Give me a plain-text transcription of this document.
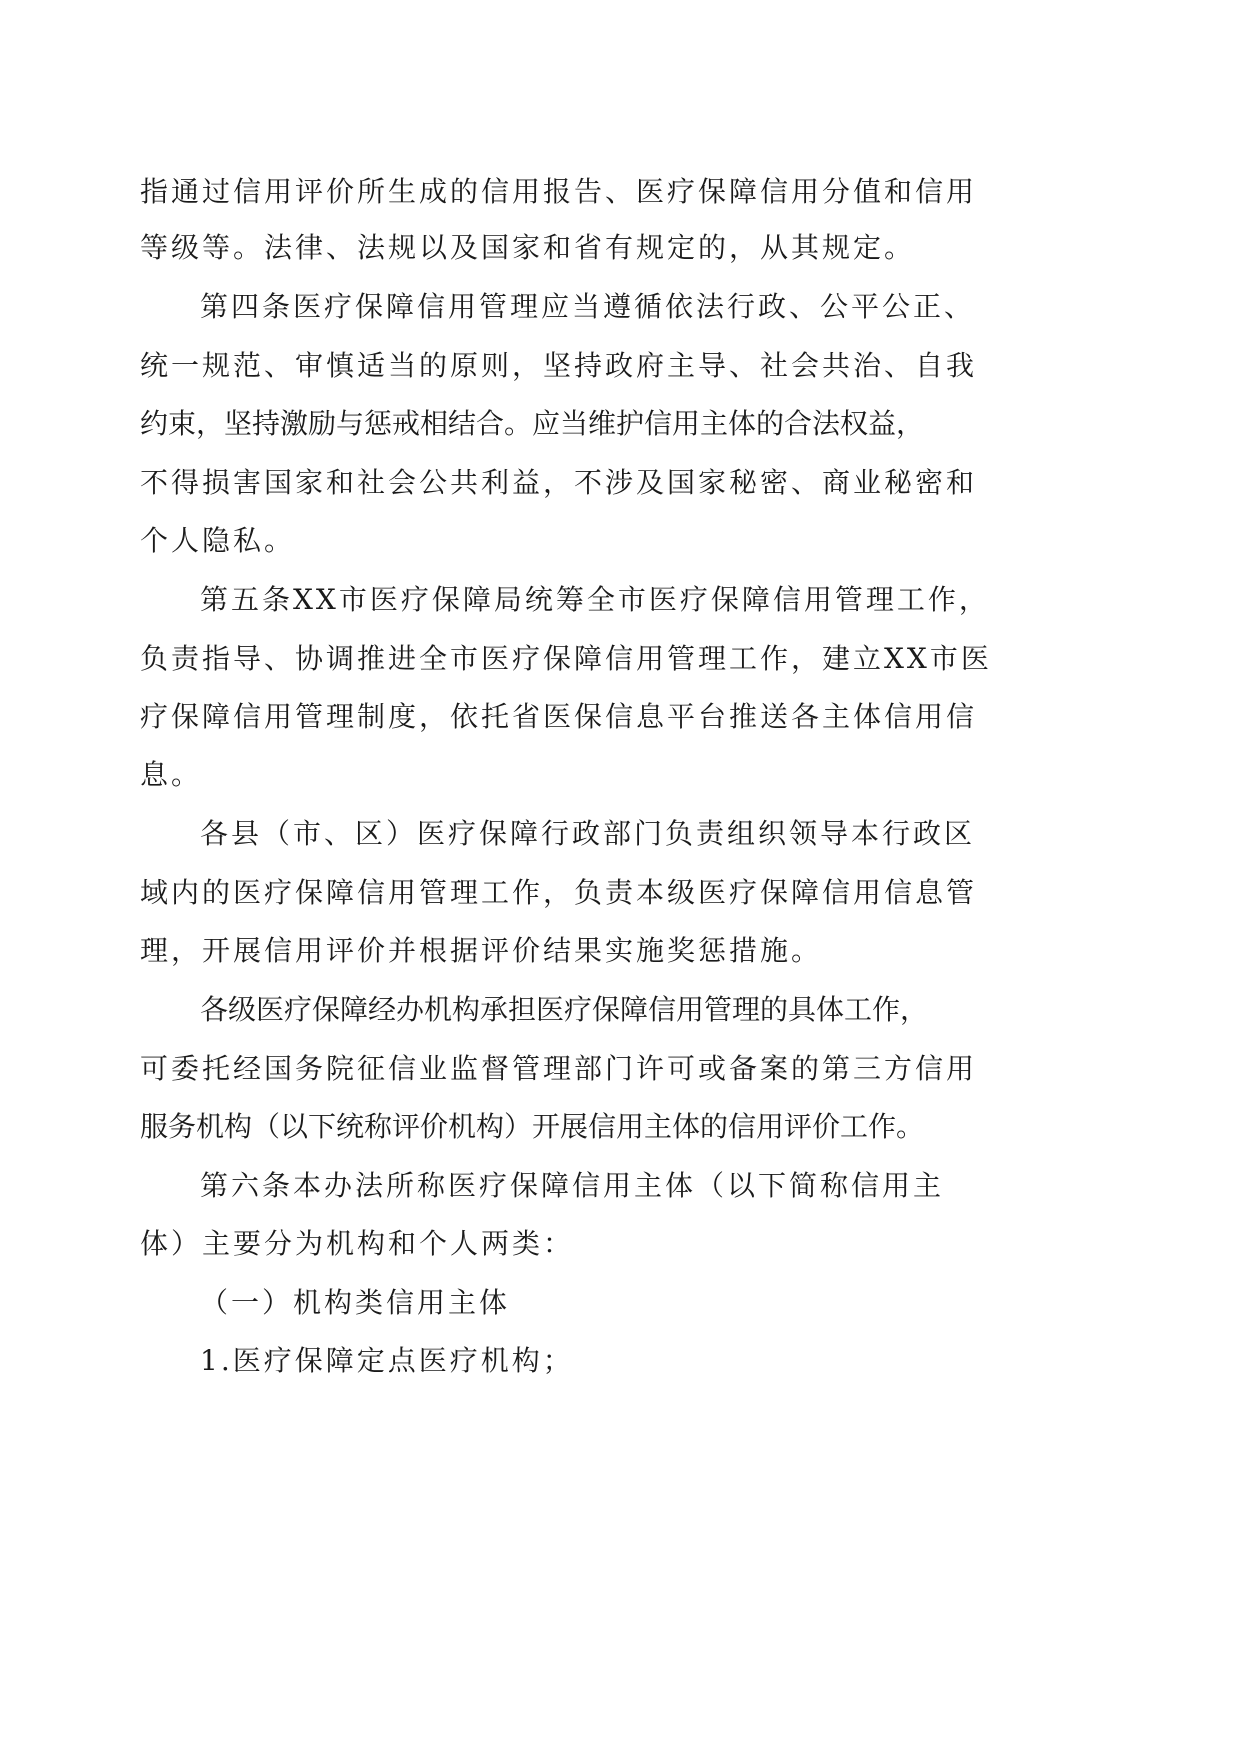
指通过信用评价所生成的信用报告、医疗保障信用分值和信用
等级等。法律、法规以及国家和省有规定的，从其规定。
第四条医疗保障信用管理应当遵循依法行政、公平公正、
统一规范、审慎适当的原则，坚持政府主导、社会共治、自我
约束，坚持激励与惩戒相结合。应当维护信用主体的合法权益，
不得损害国家和社会公共利益，不涉及国家秘密、商业秘密和
个人隐私。
第五条XX市医疗保障局统筹全市医疗保障信用管理工作，
负责指导、协调推进全市医疗保障信用管理工作，建立XX市医
疗保障信用管理制度，依托省医保信息平台推送各主体信用信
息。
各县（市、区）医疗保障行政部门负责组织领导本行政区
域内的医疗保障信用管理工作，负责本级医疗保障信用信息管
理，开展信用评价并根据评价结果实施奖惩措施。
各级医疗保障经办机构承担医疗保障信用管理的具体工作，
可委托经国务院征信业监督管理部门许可或备案的第三方信用
服务机构（以下统称评价机构）开展信用主体的信用评价工作。
第六条本办法所称医疗保障信用主体（以下简称信用主
体）主要分为机构和个人两类：
（一）机构类信用主体
1.医疗保障定点医疗机构；
